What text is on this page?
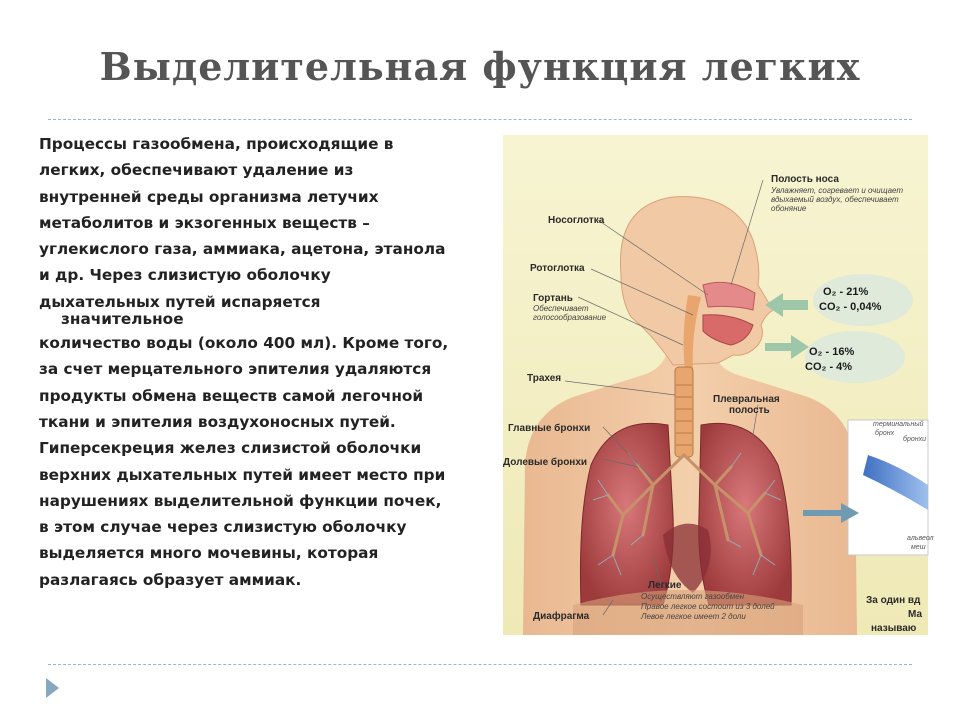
Выделительная функция легких
Процессы газообмена, происходящие в
легких, обеспечивают удаление из
внутренней среды организма летучих
метаболитов и экзогенных веществ –
углекислого газа, аммиака, ацетона, этанола
и др. Через слизистую оболочку
дыхательных путей испаряется
значительное
количество воды (около 400 мл). Кроме того,
за счет мерцательного эпителия удаляются
продукты обмена веществ самой легочной
ткани и эпителия воздухоносных путей.
Гиперсекреция желез слизистой оболочки
верхних дыхательных путей имеет место при
нарушениях выделительной функции почек,
в этом случае через слизистую оболочку
выделяется много мочевины, которая
разлагаясь образует аммиак.
Полость носа
Увлажняет, согревает и очищает
вдыхаемый воздух, обеспечивает
обоняние
Носоглотка
Ротоглотка
Гортань
Обеспечивает
голосообразование
Трахея
Плевральная
полость
Главные бронхи
Долевые бронхи
Легкие
Осуществляют газообмен
Правое легкое состоит из 3 долей
Левое легкое имеет 2 доли
Диафрагма
терминальный
бронх
бронхи
альвеол
меш
За один вд
Ма
называю
O₂ - 21%
CO₂ - 0,04%
O₂ - 16%
CO₂ - 4%
